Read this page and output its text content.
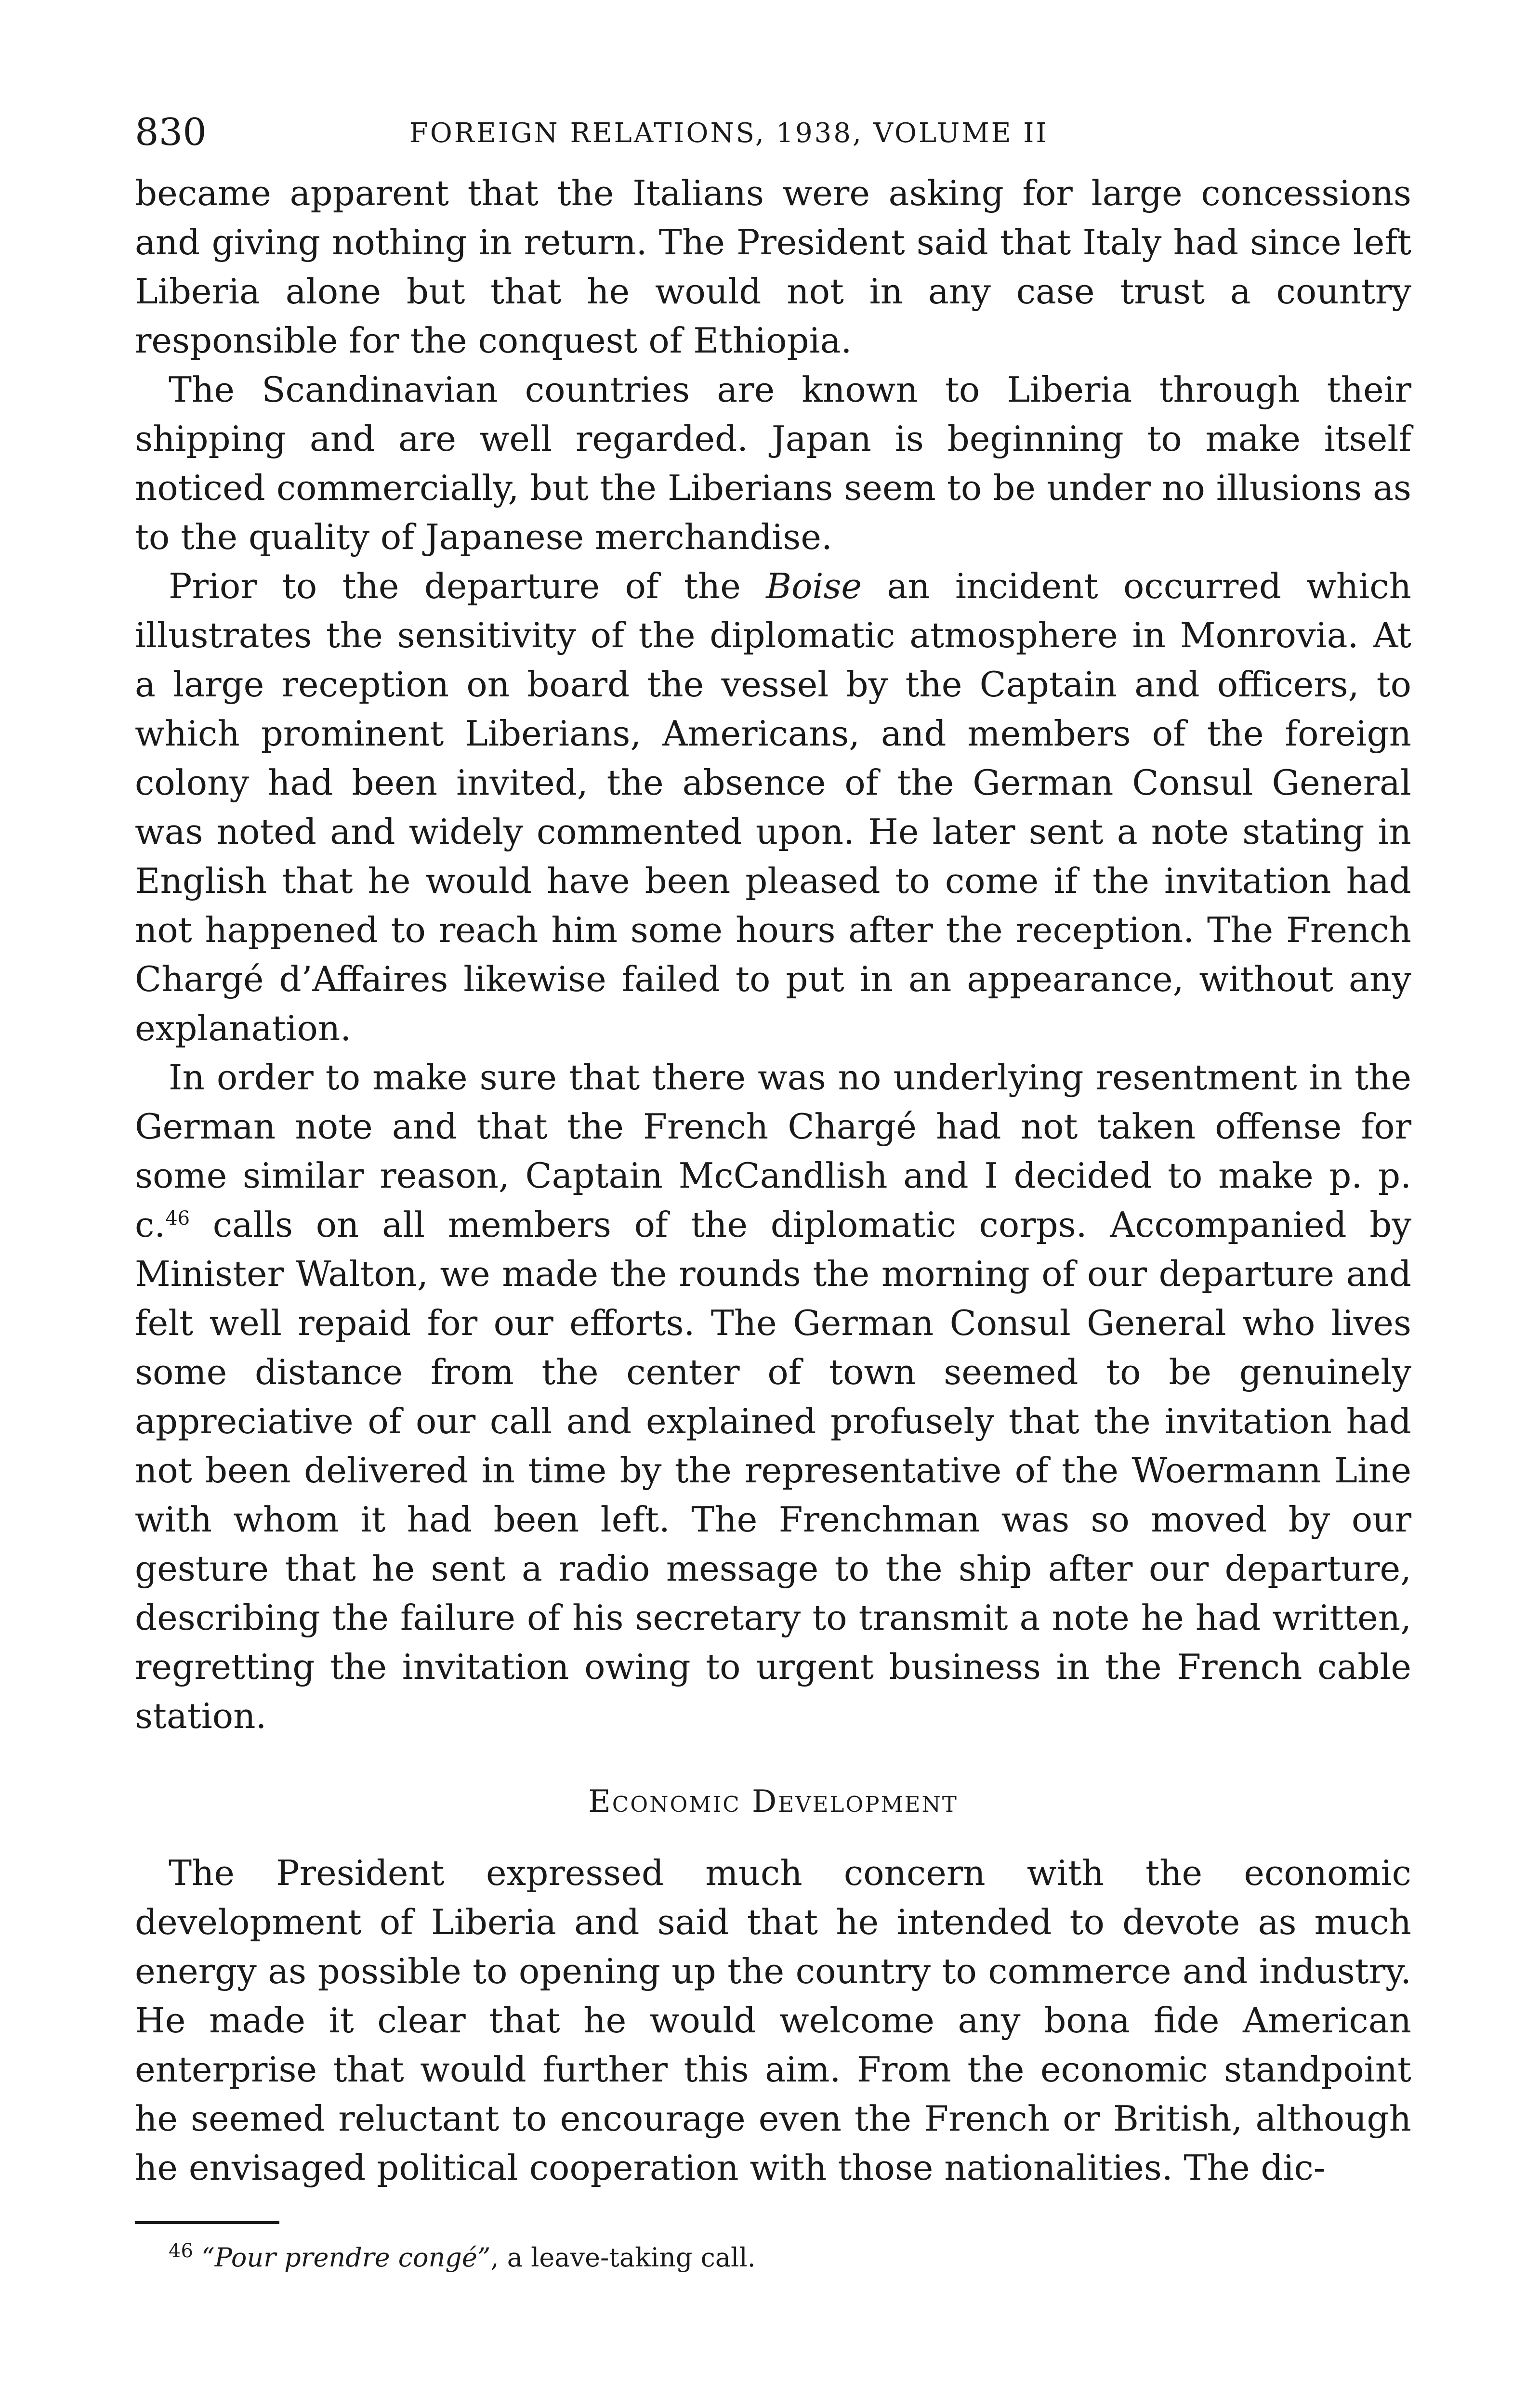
830	FOREIGN RELATIONS, 1938, VOLUME II

became apparent that the Italians were asking for large concessions and giving nothing in return. The President said that Italy had since left Liberia alone but that he would not in any case trust a country responsible for the conquest of Ethiopia.

The Scandinavian countries are known to Liberia through their shipping and are well regarded. Japan is beginning to make itself noticed commercially, but the Liberians seem to be under no illusions as to the quality of Japanese merchandise.

Prior to the departure of the Boise an incident occurred which illustrates the sensitivity of the diplomatic atmosphere in Monrovia. At a large reception on board the vessel by the Captain and officers, to which prominent Liberians, Americans, and members of the foreign colony had been invited, the absence of the German Consul General was noted and widely commented upon. He later sent a note stating in English that he would have been pleased to come if the invitation had not happened to reach him some hours after the reception. The French Chargé d’Affaires likewise failed to put in an appearance, without any explanation.

In order to make sure that there was no underlying resentment in the German note and that the French Chargé had not taken offense for some similar reason, Captain McCandlish and I decided to make p. p. c.$^{46}$ calls on all members of the diplomatic corps. Accompanied by Minister Walton, we made the rounds the morning of our departure and felt well repaid for our efforts. The German Consul General who lives some distance from the center of town seemed to be genuinely appreciative of our call and explained profusely that the invitation had not been delivered in time by the representative of the Woermann Line with whom it had been left. The Frenchman was so moved by our gesture that he sent a radio message to the ship after our departure, describing the failure of his secretary to transmit a note he had written, regretting the invitation owing to urgent business in the French cable station.

Economic Development

The President expressed much concern with the economic development of Liberia and said that he intended to devote as much energy as possible to opening up the country to commerce and industry. He made it clear that he would welcome any bona fide American enterprise that would further this aim. From the economic standpoint he seemed reluctant to encourage even the French or British, although he envisaged political cooperation with those nationalities. The dic-

$^{46}$ “Pour prendre congé”, a leave-taking call.
